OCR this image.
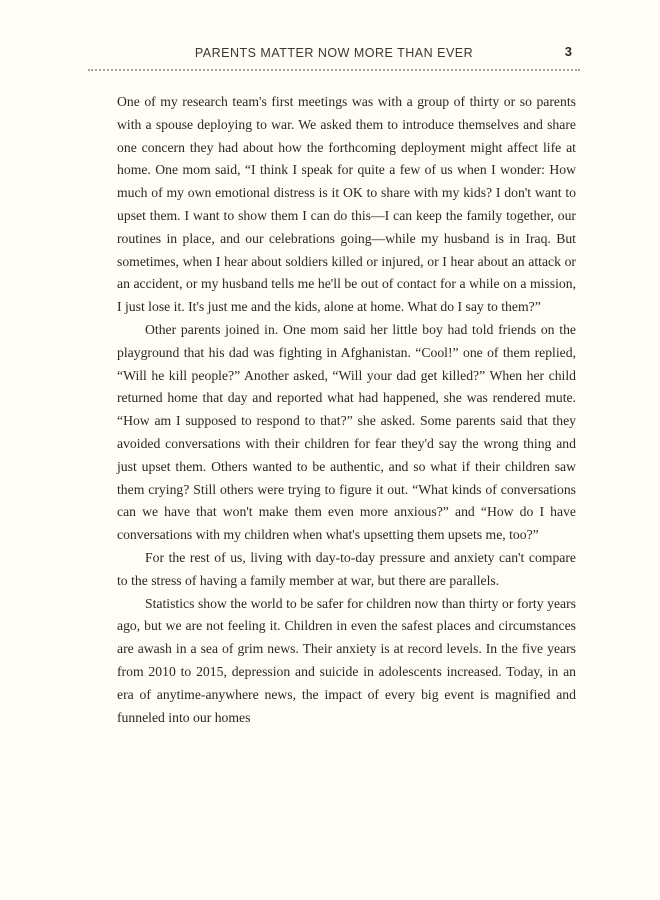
PARENTS MATTER NOW MORE THAN EVER	3

One of my research team's first meetings was with a group of thirty or so parents with a spouse deploying to war. We asked them to introduce themselves and share one concern they had about how the forthcoming deployment might affect life at home. One mom said, “I think I speak for quite a few of us when I wonder: How much of my own emotional distress is it OK to share with my kids? I don't want to upset them. I want to show them I can do this—I can keep the family together, our routines in place, and our celebrations going—while my husband is in Iraq. But sometimes, when I hear about soldiers killed or injured, or I hear about an attack or an accident, or my husband tells me he'll be out of contact for a while on a mission, I just lose it. It's just me and the kids, alone at home. What do I say to them?”

Other parents joined in. One mom said her little boy had told friends on the playground that his dad was fighting in Afghanistan. “Cool!” one of them replied, “Will he kill people?” Another asked, “Will your dad get killed?” When her child returned home that day and reported what had happened, she was rendered mute. “How am I supposed to respond to that?” she asked. Some parents said that they avoided conversations with their children for fear they'd say the wrong thing and just upset them. Others wanted to be authentic, and so what if their children saw them crying? Still others were trying to figure it out. “What kinds of conversations can we have that won't make them even more anxious?” and “How do I have conversations with my children when what's upsetting them upsets me, too?”

For the rest of us, living with day-to-day pressure and anxiety can't compare to the stress of having a family member at war, but there are parallels.

Statistics show the world to be safer for children now than thirty or forty years ago, but we are not feeling it. Children in even the safest places and circumstances are awash in a sea of grim news. Their anxiety is at record levels. In the five years from 2010 to 2015, depression and suicide in adolescents increased. Today, in an era of anytime-anywhere news, the impact of every big event is magnified and funneled into our homes
